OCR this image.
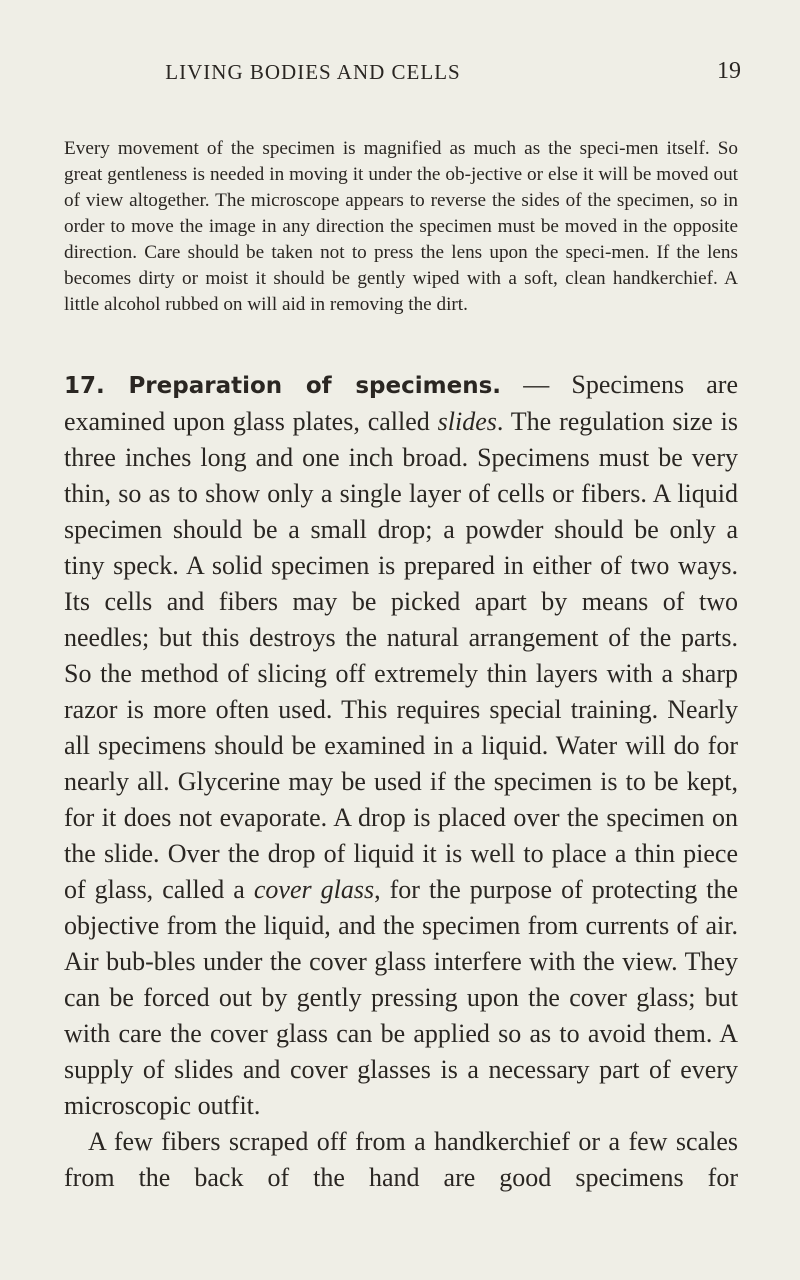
LIVING BODIES AND CELLS	19

Every movement of the specimen is magnified as much as the speci-men itself. So great gentleness is needed in moving it under the ob-jective or else it will be moved out of view altogether. The microscope appears to reverse the sides of the specimen, so in order to move the image in any direction the specimen must be moved in the opposite direction. Care should be taken not to press the lens upon the speci-men. If the lens becomes dirty or moist it should be gently wiped with a soft, clean handkerchief. A little alcohol rubbed on will aid in removing the dirt.

17. Preparation of specimens. — Specimens are examined upon glass plates, called slides. The regulation size is three inches long and one inch broad. Specimens must be very thin, so as to show only a single layer of cells or fibers. A liquid specimen should be a small drop; a powder should be only a tiny speck. A solid specimen is prepared in either of two ways. Its cells and fibers may be picked apart by means of two needles; but this destroys the natural arrangement of the parts. So the method of slicing off extremely thin layers with a sharp razor is more often used. This requires special training. Nearly all specimens should be examined in a liquid. Water will do for nearly all. Glycerine may be used if the specimen is to be kept, for it does not evaporate. A drop is placed over the specimen on the slide. Over the drop of liquid it is well to place a thin piece of glass, called a cover glass, for the purpose of protecting the objective from the liquid, and the specimen from currents of air. Air bub-bles under the cover glass interfere with the view. They can be forced out by gently pressing upon the cover glass; but with care the cover glass can be applied so as to avoid them. A supply of slides and cover glasses is a necessary part of every microscopic outfit.

A few fibers scraped off from a handkerchief or a few scales from the back of the hand are good specimens for
